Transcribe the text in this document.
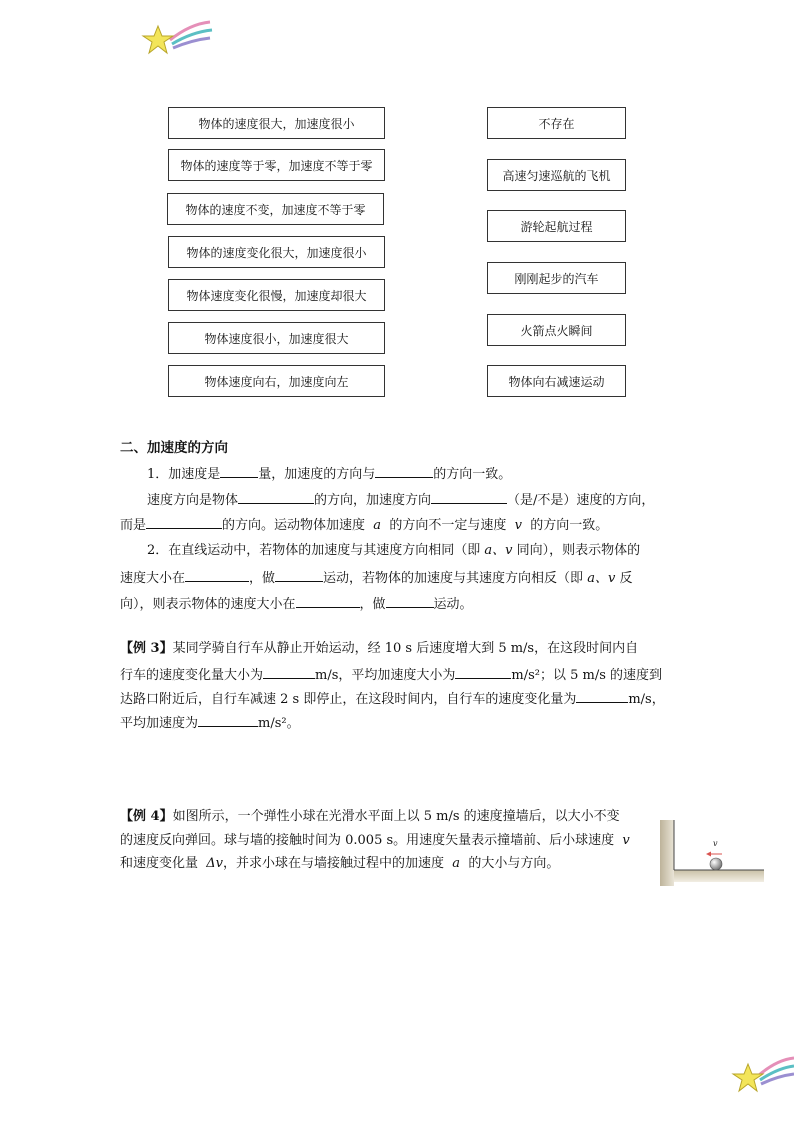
物体的速度很大，加速度很小
物体的速度等于零，加速度不等于零
物体的速度不变，加速度不等于零
物体的速度变化很大，加速度很小
物体速度变化很慢，加速度却很大
物体速度很小，加速度很大
物体速度向右，加速度向左
不存在
高速匀速巡航的飞机
游轮起航过程
刚刚起步的汽车
火箭点火瞬间
物体向右减速运动
二、加速度的方向
1．加速度是	量，加速度的方向与	的方向一致。
速度方向是物体	的方向，加速度方向	（是/不是）速度的方向，
而是	的方向。运动物体加速度 a 的方向不一定与速度 v 的方向一致。
2．在直线运动中，若物体的加速度与其速度方向相同（即 a、v 同向），则表示物体的
速度大小在	，做	运动，若物体的加速度与其速度方向相反（即 a、v 反
向），则表示物体的速度大小在	，做	运动。
【例 3】某同学骑自行车从静止开始运动，经 10 s 后速度增大到 5 m/s，在这段时间内自
行车的速度变化量大小为	m/s，平均加速度大小为	m/s²；以 5 m/s 的速度到
达路口附近后，自行车减速 2 s 即停止，在这段时间内，自行车的速度变化量为	m/s，
平均加速度为	m/s²。
【例 4】如图所示，一个弹性小球在光滑水平面上以 5 m/s 的速度撞墙后，以大小不变
的速度反向弹回。球与墙的接触时间为 0.005 s。用速度矢量表示撞墙前、后小球速度 v
和速度变化量 Δv，并求小球在与墙接触过程中的加速度 a 的大小与方向。
v
